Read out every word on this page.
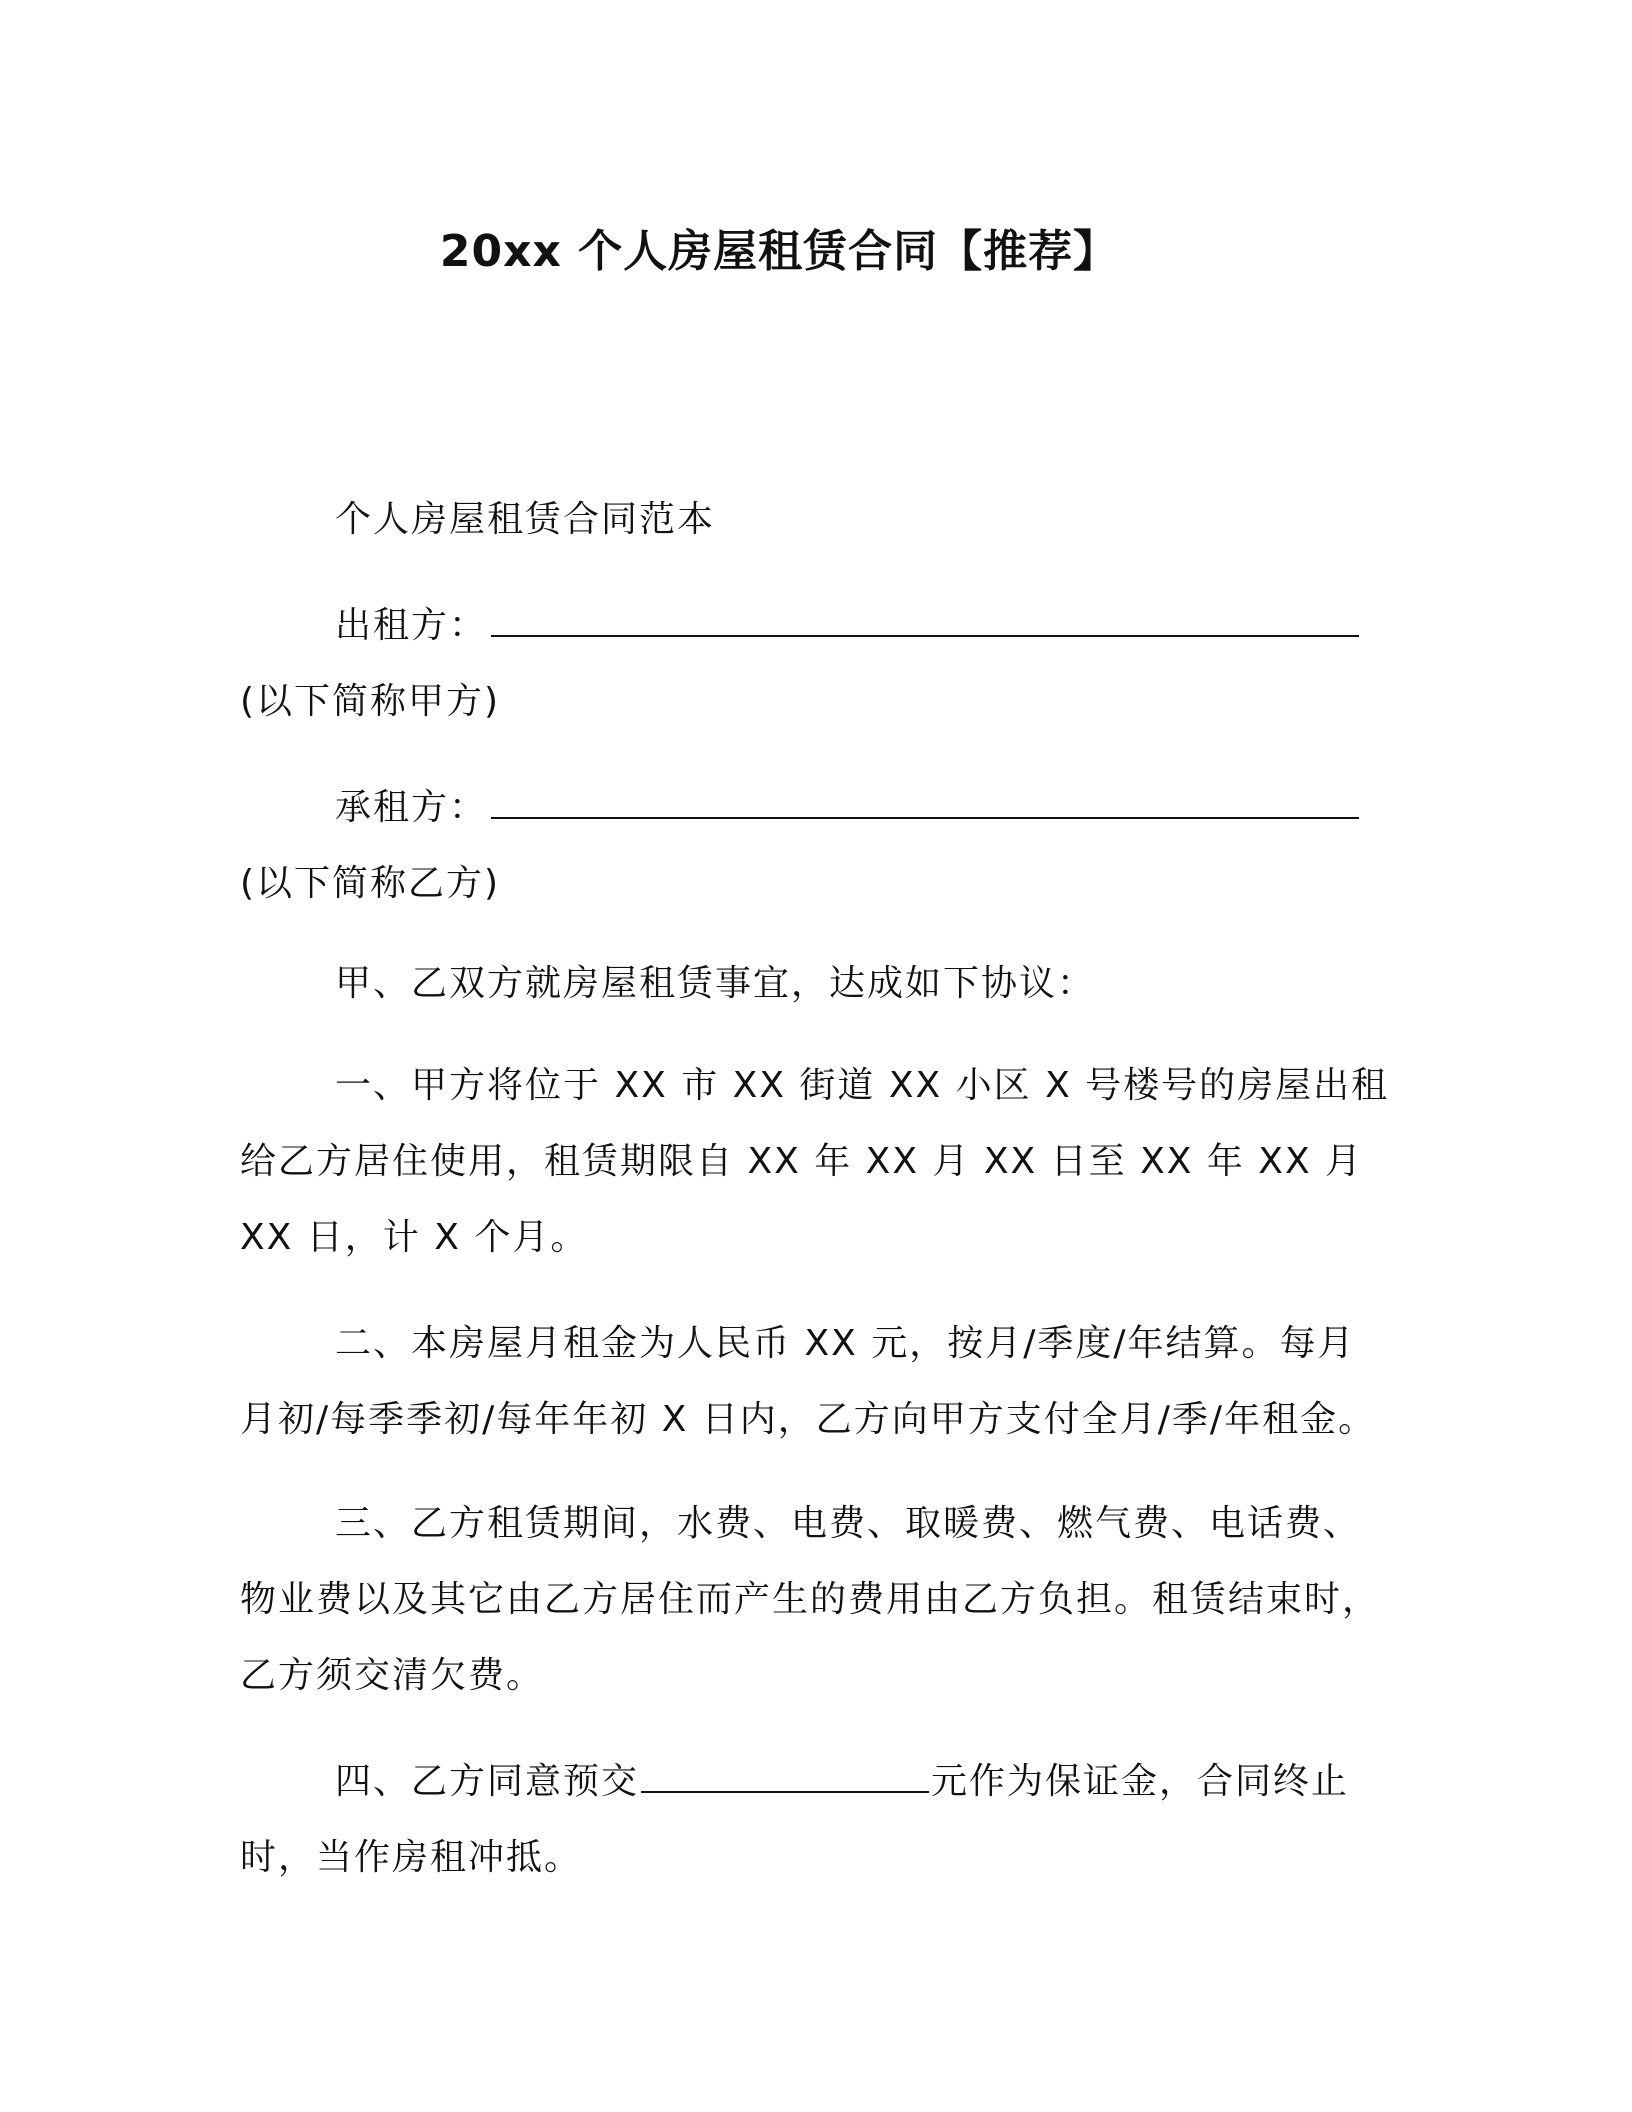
20xx 个人房屋租赁合同【推荐】

个人房屋租赁合同范本

出租方：(以下简称甲方)

承租方：(以下简称乙方)

甲、乙双方就房屋租赁事宜，达成如下协议：

一、甲方将位于 XX 市 XX 街道 XX 小区 X 号楼号的房屋出租给乙方居住使用，租赁期限自 XX 年 XX 月 XX 日至 XX 年 XX 月 XX 日，计 X 个月。

二、本房屋月租金为人民币 XX 元，按月/季度/年结算。每月月初/每季季初/每年年初 X 日内，乙方向甲方支付全月/季/年租金。

三、乙方租赁期间，水费、电费、取暖费、燃气费、电话费、物业费以及其它由乙方居住而产生的费用由乙方负担。租赁结束时，乙方须交清欠费。

四、乙方同意预交	元作为保证金，合同终止时，当作房租冲抵。
